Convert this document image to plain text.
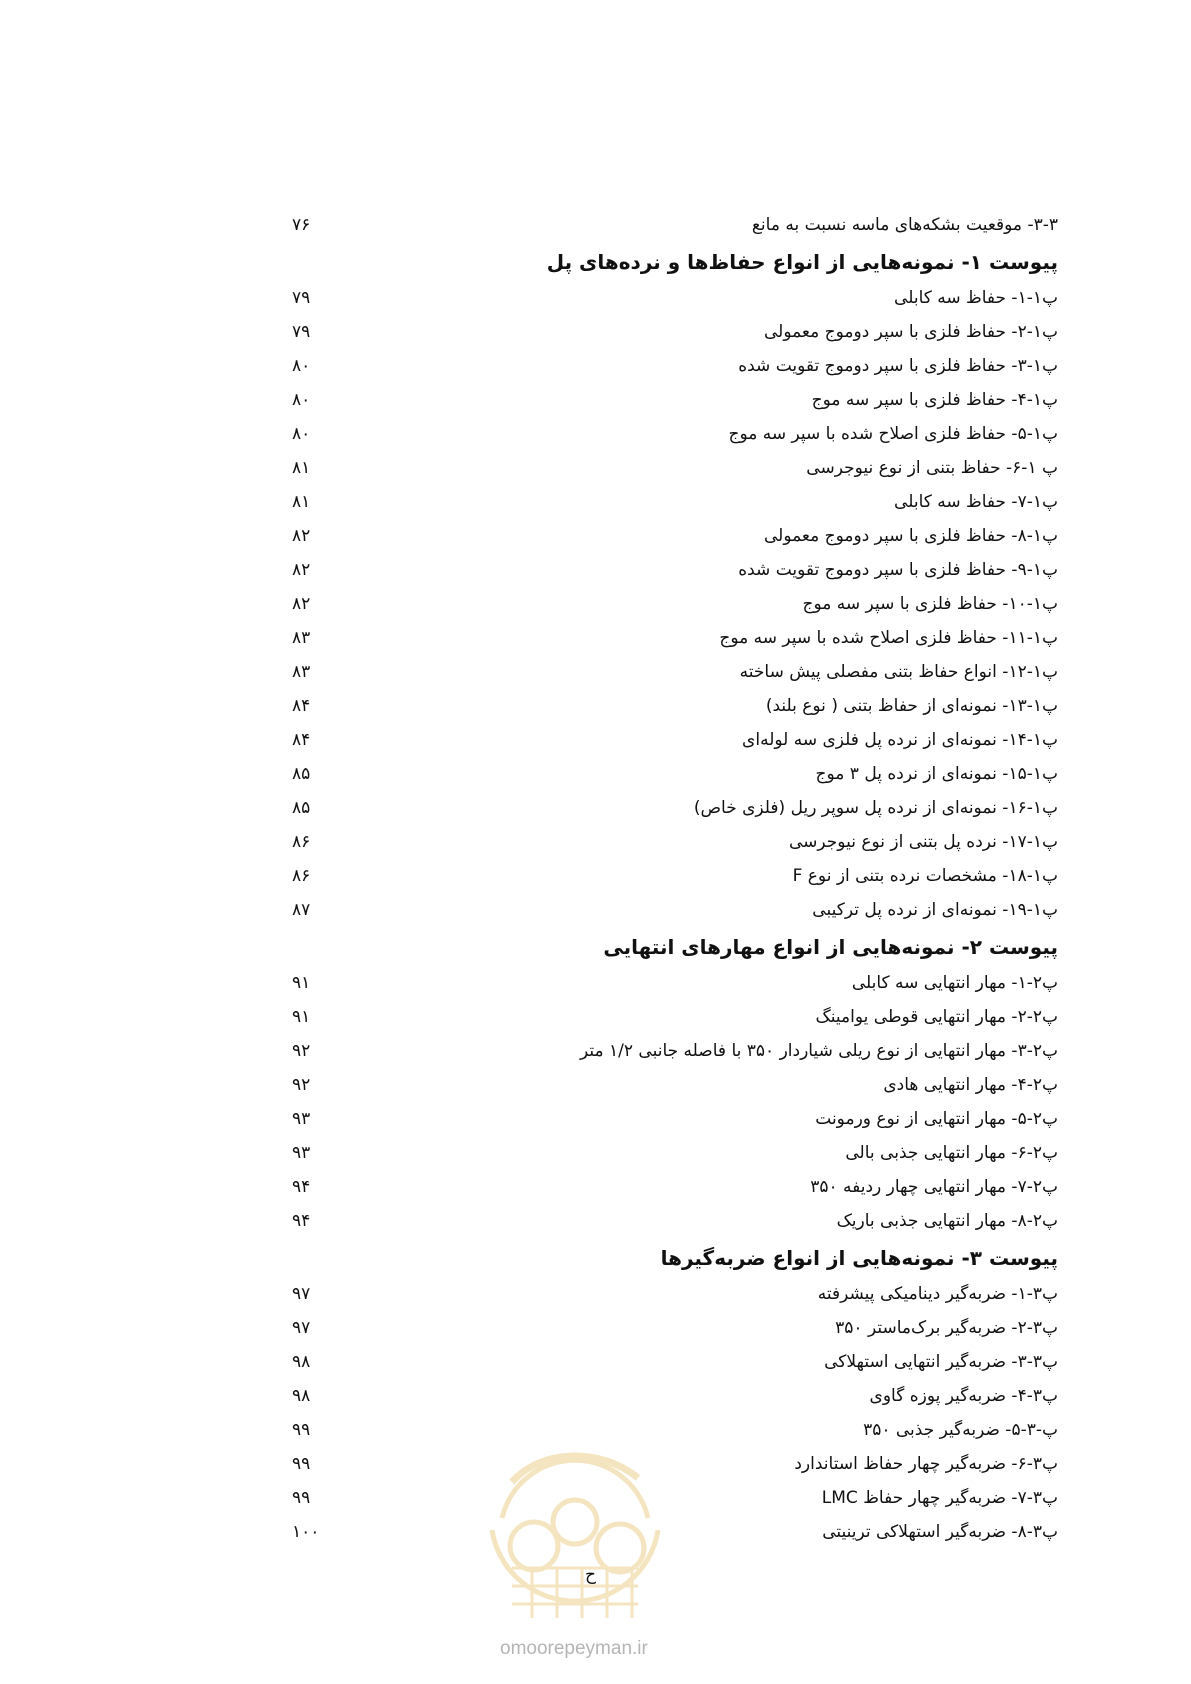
۳-۳- موقعیت بشکه‌های ماسه نسبت به مانع
۷۶
پیوست ۱- نمونه‌هایی از انواع حفاظ‌ها و نرده‌های پل
پ۱-۱- حفاظ سه کابلی
۷۹
پ۱-۲- حفاظ فلزی با سپر دوموج معمولی
۷۹
پ۱-۳- حفاظ فلزی با سپر دوموج تقویت شده
۸۰
پ۱-۴- حفاظ فلزی با سپر سه موج
۸۰
پ۱-۵- حفاظ فلزی اصلاح شده با سپر سه موج
۸۰
پ ۱-۶- حفاظ بتنی از نوع نیوجرسی
۸۱
پ۱-۷- حفاظ سه کابلی
۸۱
پ۱-۸- حفاظ فلزی با سپر دوموج معمولی
۸۲
پ۱-۹- حفاظ فلزی با سپر دوموج تقویت شده
۸۲
پ۱-۱۰- حفاظ فلزی با سپر سه موج
۸۲
پ۱-۱۱- حفاظ فلزی اصلاح شده با سپر سه موج
۸۳
پ۱-۱۲- انواع حفاظ بتنی مفصلی پیش ساخته
۸۳
پ۱-۱۳- نمونه‌ای از حفاظ بتنی ( نوع بلند)
۸۴
پ۱-۱۴- نمونه‌ای از نرده پل فلزی سه لوله‌ای
۸۴
پ۱-۱۵- نمونه‌ای از نرده پل ۳ موج
۸۵
پ۱-۱۶- نمونه‌ای از نرده پل سوپر ریل (فلزی خاص)
۸۵
پ۱-۱۷- نرده پل بتنی از نوع نیوجرسی
۸۶
پ۱-۱۸- مشخصات نرده بتنی از نوع F
۸۶
پ۱-۱۹- نمونه‌ای از نرده پل ترکیبی
۸۷
پیوست ۲- نمونه‌هایی از انواع مهارهای انتهایی
پ۲-۱- مهار انتهایی سه کابلی
۹۱
پ۲-۲- مهار انتهایی قوطی یوامینگ
۹۱
پ۲-۳- مهار انتهایی از نوع ریلی شیاردار ۳۵۰ با فاصله جانبی ۱/۲ متر
۹۲
پ۲-۴- مهار انتهایی هادی
۹۲
پ۲-۵- مهار انتهایی از نوع ورمونت
۹۳
پ۲-۶- مهار انتهایی جذبی بالی
۹۳
پ۲-۷- مهار انتهایی چهار ردیفه ۳۵۰
۹۴
پ۲-۸- مهار انتهایی جذبی باریک
۹۴
پیوست ۳- نمونه‌هایی از انواع ضربه‌گیرها
پ۳-۱- ضربه‌گیر دینامیکی پیشرفته
۹۷
پ۳-۲- ضربه‌گیر برک‌ماستر ۳۵۰
۹۷
پ۳-۳- ضربه‌گیر انتهایی استهلاکی
۹۸
پ۳-۴- ضربه‌گیر پوزه گاوی
۹۸
پ-۳-۵- ضربه‌گیر جذبی ۳۵۰
۹۹
پ۳-۶- ضربه‌گیر چهار حفاظ استاندارد
۹۹
پ۳-۷- ضربه‌گیر چهار حفاظ LMC
۹۹
پ۳-۸- ضربه‌گیر استهلاکی ترینیتی
۱۰۰
ح
omoorepeyman.ir
